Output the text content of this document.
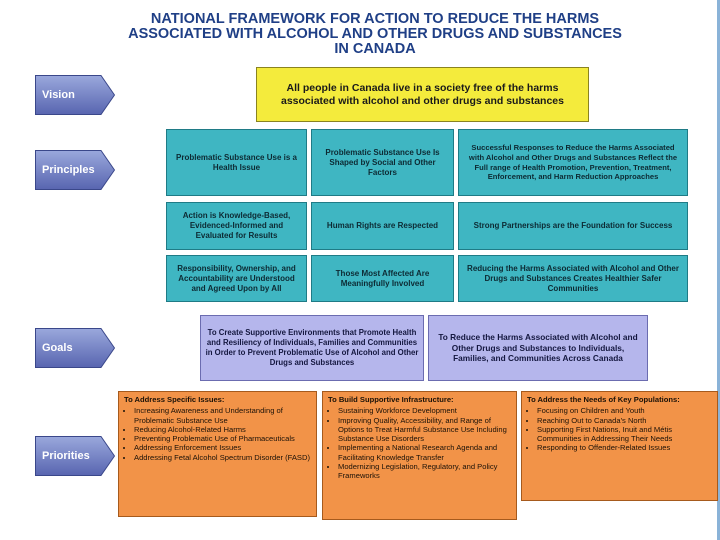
NATIONAL FRAMEWORK FOR ACTION TO REDUCE THE HARMS
ASSOCIATED WITH ALCOHOL AND OTHER DRUGS AND SUBSTANCES
IN CANADA
Vision
Principles
Goals
Priorities
All people in Canada live in a society free of the harms associated with alcohol and other drugs and substances
Problematic Substance Use is a Health Issue
Problematic Substance Use Is Shaped by Social and Other Factors
Successful Responses to Reduce the Harms Associated with Alcohol and Other Drugs and Substances Reflect the Full range of Health Promotion, Prevention, Treatment, Enforcement, and Harm Reduction Approaches
Action is Knowledge-Based, Evidenced-Informed and Evaluated for Results
Human Rights are Respected	Strong Partnerships are the Foundation for Success
Responsibility, Ownership, and Accountability are Understood and Agreed Upon by All
Those Most Affected Are Meaningfully Involved
Reducing the Harms Associated with Alcohol and Other Drugs and Substances Creates Healthier Safer Communities
To Create Supportive Environments that Promote Health and Resiliency of Individuals, Families and Communities in Order to Prevent Problematic Use of Alcohol and Other Drugs and Substances
To Reduce the Harms Associated with Alcohol and Other Drugs and Substances to Individuals, Families, and Communities Across Canada
To Address Specific Issues:
• Increasing Awareness and Understanding of Problematic Substance Use
• Reducing Alcohol-Related Harms
• Preventing Problematic Use of Pharmaceuticals
• Addressing Enforcement Issues
• Addressing Fetal Alcohol Spectrum Disorder (FASD)
To Build Supportive Infrastructure:
• Sustaining Workforce Development
• Improving Quality, Accessibility, and Range of Options to Treat Harmful Substance Use Including Substance Use Disorders
• Implementing a National Research Agenda and Facilitating Knowledge Transfer
• Modernizing Legislation, Regulatory, and Policy Frameworks
To Address the Needs of Key Populations:
• Focusing on Children and Youth
• Reaching Out to Canada's North
• Supporting First Nations, Inuit and Métis Communities in Addressing Their Needs
• Responding to Offender-Related Issues
